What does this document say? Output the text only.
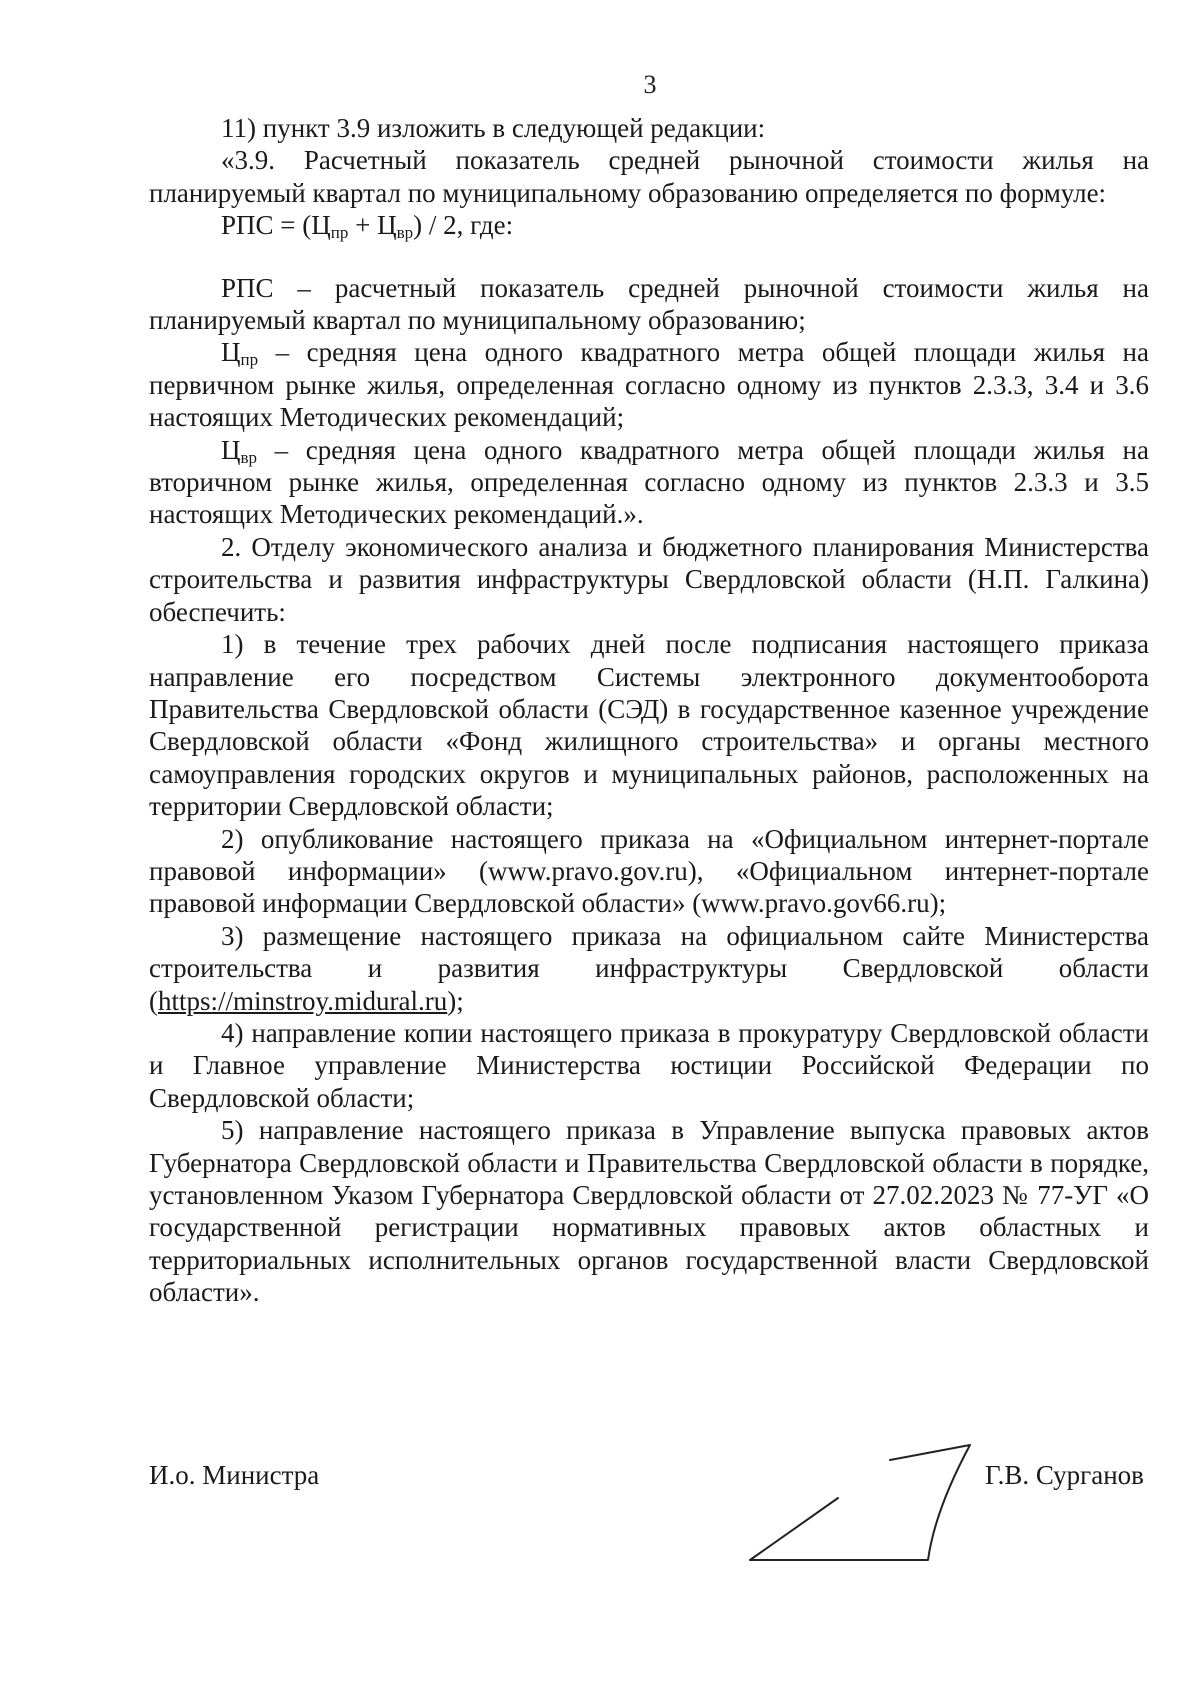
3

11) пункт 3.9 изложить в следующей редакции:

«3.9. Расчетный показатель средней рыночной стоимости жилья на планируемый квартал по муниципальному образованию определяется по формуле:

РПС = $(Ц_{пр} + Ц_{вр}) / 2$, где:

РПС – расчетный показатель средней рыночной стоимости жилья на планируемый квартал по муниципальному образованию;

$Ц_{пр}$ – средняя цена одного квадратного метра общей площади жилья на первичном рынке жилья, определенная согласно одному из пунктов 2.3.3, 3.4 и 3.6 настоящих Методических рекомендаций;

$Ц_{вр}$ – средняя цена одного квадратного метра общей площади жилья на вторичном рынке жилья, определенная согласно одному из пунктов 2.3.3 и 3.5 настоящих Методических рекомендаций.».

2. Отделу экономического анализа и бюджетного планирования Министерства строительства и развития инфраструктуры Свердловской области (Н.П. Галкина) обеспечить:

1) в течение трех рабочих дней после подписания настоящего приказа направление его посредством Системы электронного документооборота Правительства Свердловской области (СЭД) в государственное казенное учреждение Свердловской области «Фонд жилищного строительства» и органы местного самоуправления городских округов и муниципальных районов, расположенных на территории Свердловской области;

2) опубликование настоящего приказа на «Официальном интернет-портале правовой информации» (www.pravo.gov.ru), «Официальном интернет-портале правовой информации Свердловской области» (www.pravo.gov66.ru);

3) размещение настоящего приказа на официальном сайте Министерства строительства и развития инфраструктуры Свердловской области (https://minstroy.midural.ru);

4) направление копии настоящего приказа в прокуратуру Свердловской области и Главное управление Министерства юстиции Российской Федерации по Свердловской области;

5) направление настоящего приказа в Управление выпуска правовых актов Губернатора Свердловской области и Правительства Свердловской области в порядке, установленном Указом Губернатора Свердловской области от 27.02.2023 № 77-УГ «О государственной регистрации нормативных правовых актов областных и территориальных исполнительных органов государственной власти Свердловской области».

И.о. Министра	Г.В. Сурганов
